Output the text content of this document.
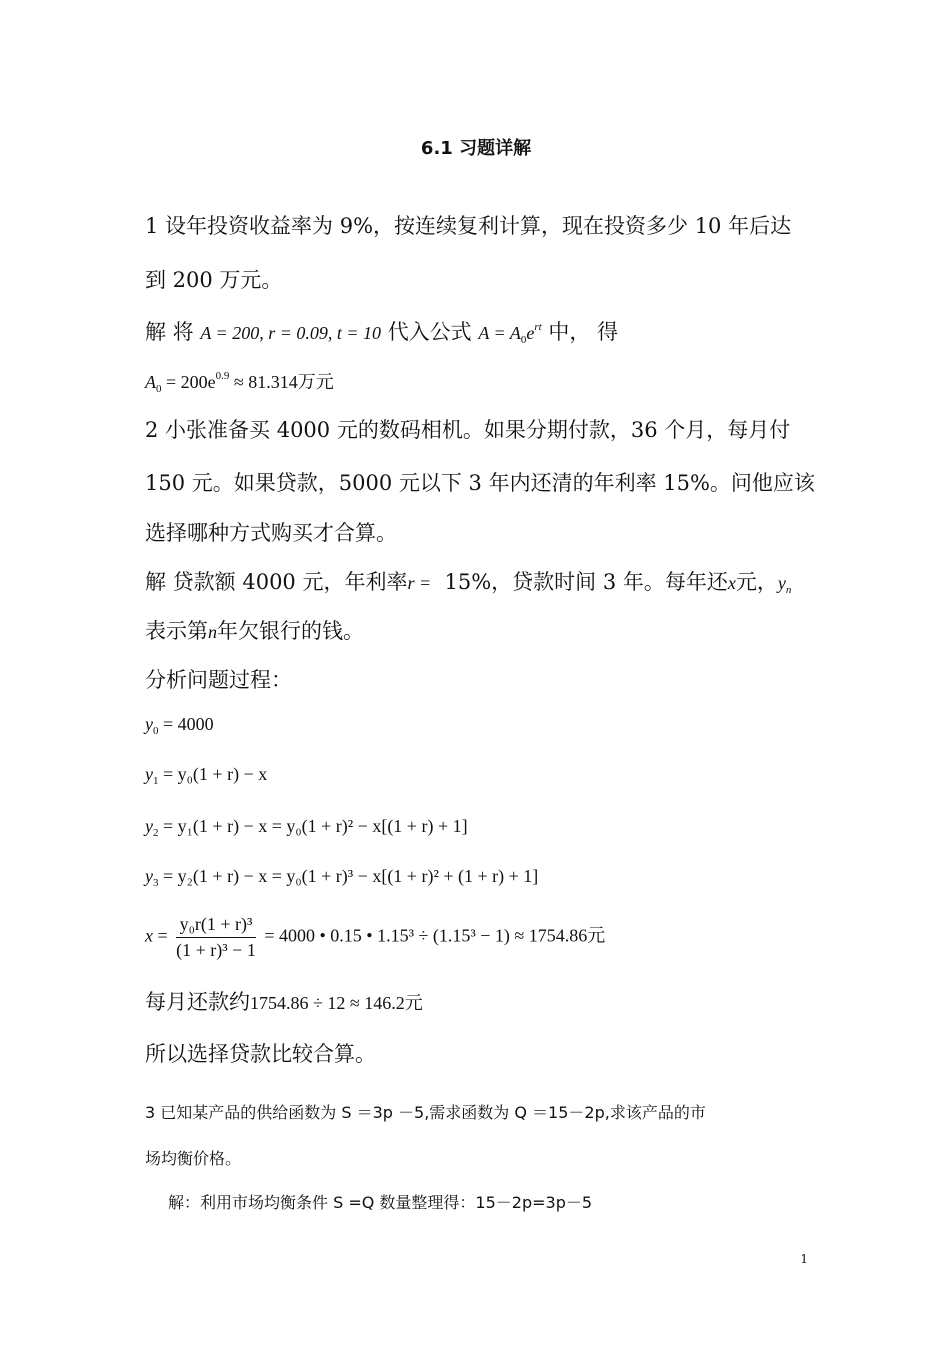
6.1 习题详解
1 设年投资收益率为 9%，按连续复利计算，现在投资多少 10 年后达
到 200 万元。
解 将 A = 200, r = 0.09, t = 10 代入公式 $A = A_0e^{rt}$ 中， 得
$A_0 = 200e^{0.9} \approx 81.314$万元
2 小张准备买 4000 元的数码相机。如果分期付款，36 个月，每月付
150 元。如果贷款，5000 元以下 3 年内还清的年利率 15%。问他应该
选择哪种方式购买才合算。
解 贷款额 4000 元，年利率r = 15%，贷款时间 3 年。每年还x元，$y_n$
表示第n年欠银行的钱。
分析问题过程：
$y_0 = 4000$
$y_1 = y_0(1 + r) - x$
$y_2 = y_1(1 + r) - x = y_0(1 + r)^2 - x[(1 + r) + 1]$
$y_3 = y_2(1 + r) - x = y_0(1 + r)^3 - x[(1 + r)^2 + (1 + r) + 1]$
$x = \frac{\text{y₀r(1 + r)³}}{\text{(1 + r)³ − 1}} = 4000$ • 0.15 • 1.15³ ÷ (1.15³ − 1) ≈ 1754.86元
每月还款约1754.86 ÷ 12 ≈ 146.2元
所以选择贷款比较合算。
3 已知某产品的供给函数为 S ＝3p －5,需求函数为 Q ＝15－2p,求该产品的市
场均衡价格。
解：利用市场均衡条件 S =Q 数量整理得：15－2p=3p－5
1
